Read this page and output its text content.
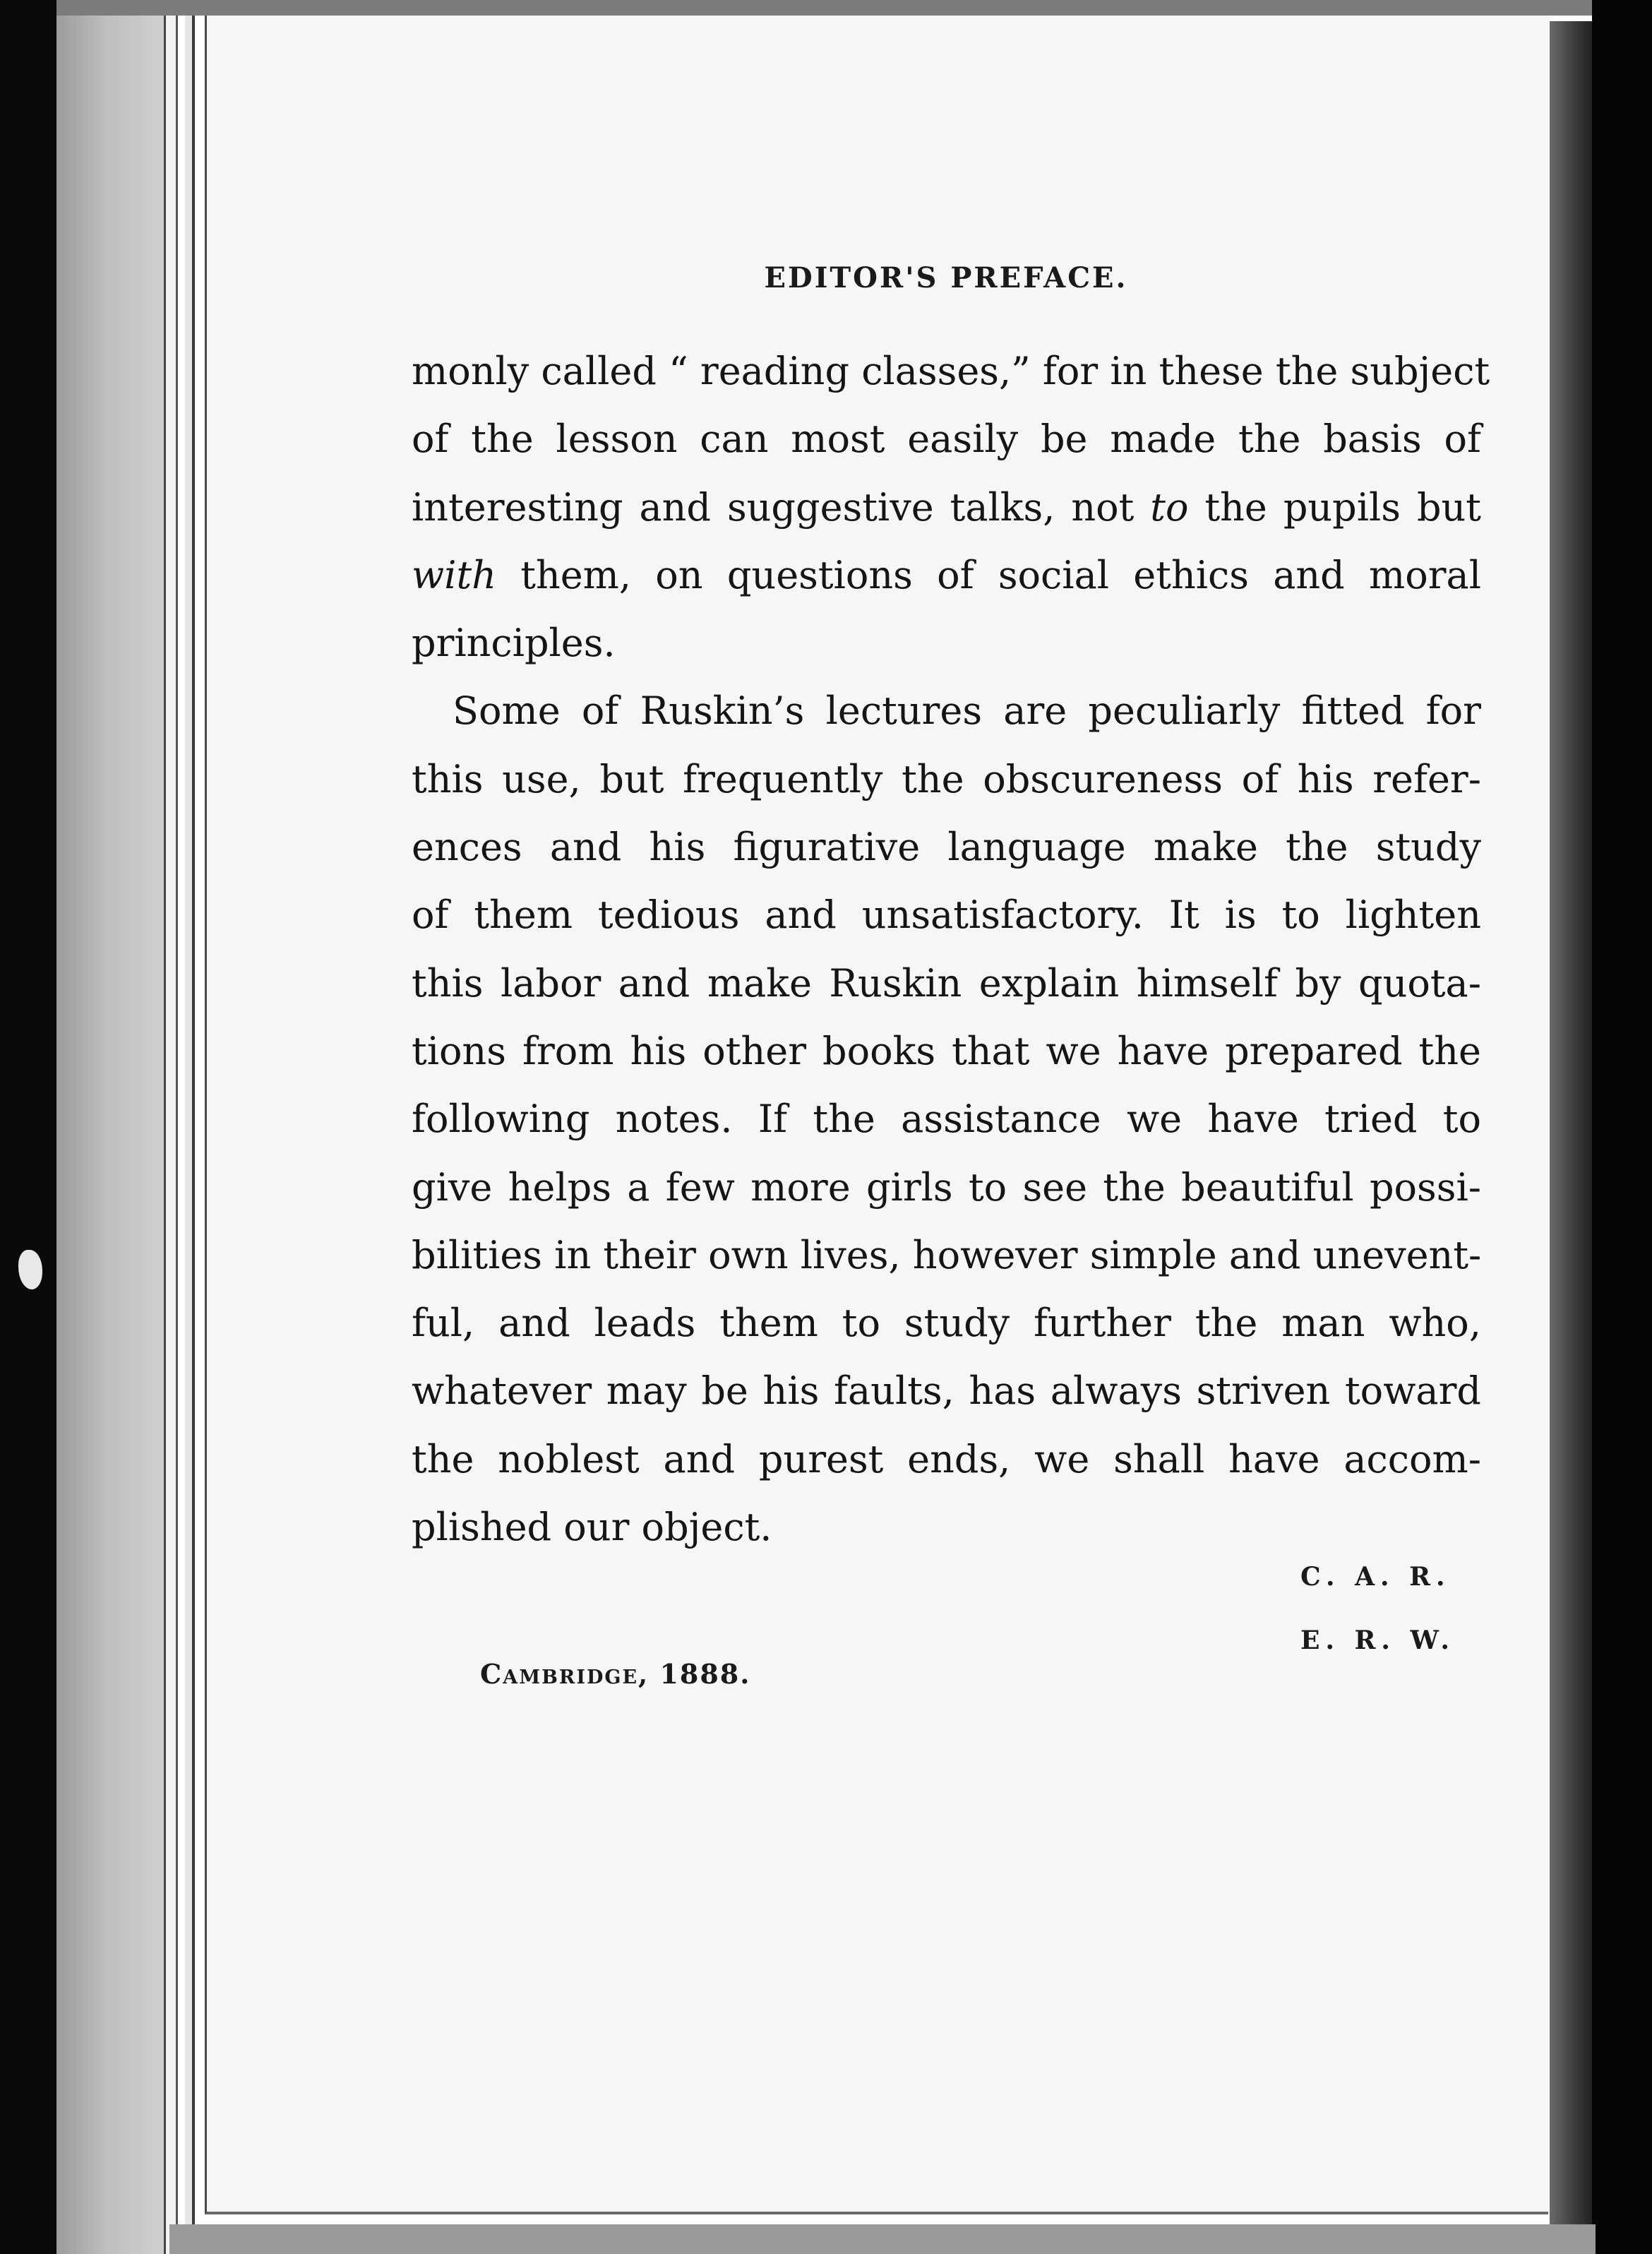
EDITOR'S PREFACE.
monly called “ reading classes,” for in these the subject
of the lesson can most easily be made the basis of
interesting and suggestive talks, not to the pupils but
with them, on questions of social ethics and moral
principles.
Some of Ruskin’s lectures are peculiarly fitted for
this use, but frequently the obscureness of his refer-
ences and his figurative language make the study
of them tedious and unsatisfactory. It is to lighten
this labor and make Ruskin explain himself by quota-
tions from his other books that we have prepared the
following notes. If the assistance we have tried to
give helps a few more girls to see the beautiful possi-
bilities in their own lives, however simple and unevent-
ful, and leads them to study further the man who,
whatever may be his faults, has always striven toward
the noblest and purest ends, we shall have accom-
plished our object.
C. A. R.
E. R. W.
Cambridge, 1888.
